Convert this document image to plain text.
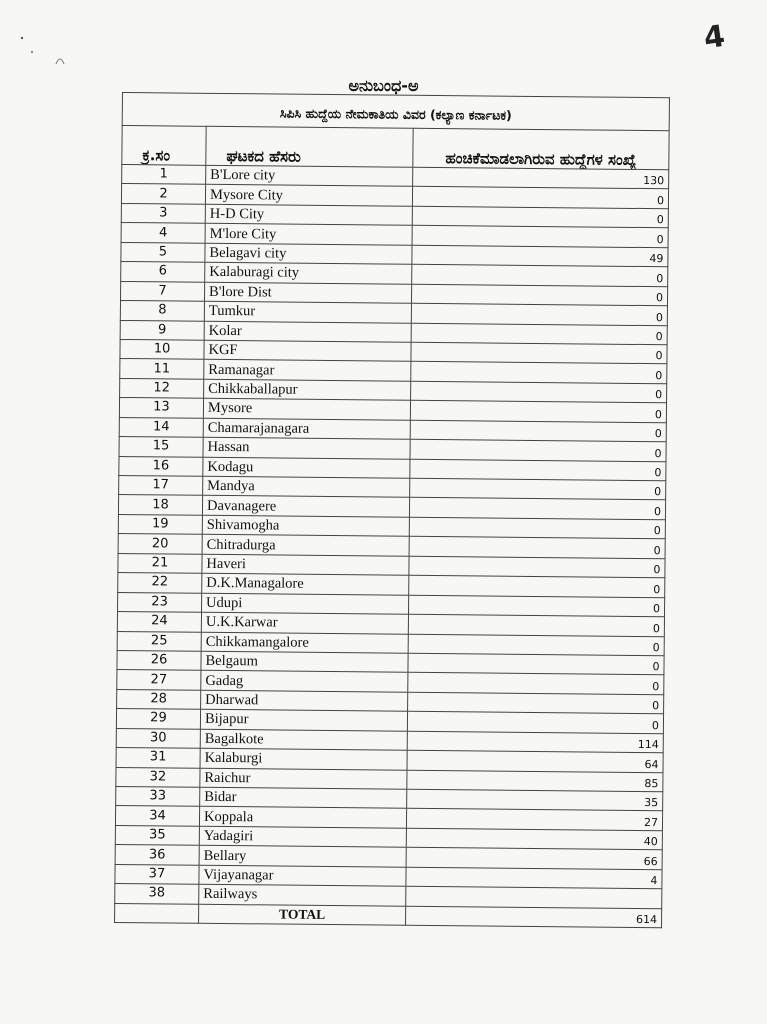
4
ಅನುಬಂಧ-ಅ
ಸಿಪಿಸಿ ಹುದ್ದೆಯ ನೇಮಕಾತಿಯ ವಿವರ (ಕಲ್ಯಾಣ ಕರ್ನಾಟಕ)		
ಕ್ರ.ಸಂ	ಘಟಕದ ಹೆಸರು	ಹಂಚಿಕೆಮಾಡಲಾಗಿರುವ ಹುದ್ದೆಗಳ ಸಂಖ್ಯೆ
1	B'Lore city	130
2	Mysore City	0
3	H-D City	0
4	M'lore City	0
5	Belagavi city	49
6	Kalaburagi city	0
7	B'lore Dist	0
8	Tumkur	0
9	Kolar	0
10	KGF	0
11	Ramanagar	0
12	Chikkaballapur	0
13	Mysore	0
14	Chamarajanagara	0
15	Hassan	0
16	Kodagu	0
17	Mandya	0
18	Davanagere	0
19	Shivamogha	0
20	Chitradurga	0
21	Haveri	0
22	D.K.Managalore	0
23	Udupi	0
24	U.K.Karwar	0
25	Chikkamangalore	0
26	Belgaum	0
27	Gadag	0
28	Dharwad	0
29	Bijapur	0
30	Bagalkote	114
31	Kalaburgi	64
32	Raichur	85
33	Bidar	35
34	Koppala	27
35	Yadagiri	40
36	Bellary	66
37	Vijayanagar	4
38	Railways	
	TOTAL	614
